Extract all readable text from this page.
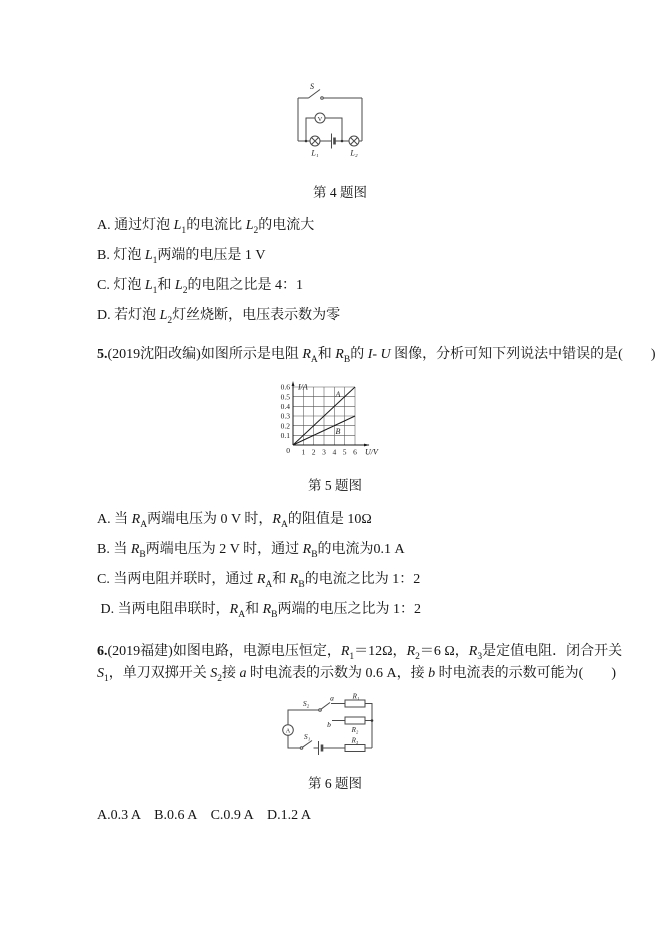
S
V
L₁	L₂
第 4 题图
A. 通过灯泡 $L_1$的电流比 $L_2$的电流大
B. 灯泡 $L_1$两端的电压是 1 V
C. 灯泡 $L_1$和 $L_2$的电阻之比是 4：1
D. 若灯泡 $L_2$灯丝烧断，电压表示数为零
5.(2019沈阳改编)如图所示是电阻 $R_A$和 $R_B$的 I- U 图像，分析可知下列说法中错误的是(　　)
1 2 3 4 5 6
0.1
0.2
0.3
0.4
0.5
0.6
0
I/A
U/V
A
B
第 5 题图
A. 当 $R_A$两端电压为 0 V 时，$R_A$的阻值是 10Ω
B. 当 $R_B$两端电压为 2 V 时，通过 $R_B$的电流为0.1 A
C. 当两电阻并联时，通过 $R_A$和 $R_B$的电流之比为 1：2
D. 当两电阻串联时，$R_A$和 $R_B$两端的电压之比为 1：2
6.(2019福建)如图电路，电源电压恒定，$R_1=12\Omega$，$R_2=6$ Ω，$R_3$是定值电阻．闭合开关
$S_1$，单刀双掷开关 $S_2$接 a 时电流表的示数为 0.6 A，接 b 时电流表的示数可能为(　　)
A
S₂
a	R₁
b
R₂
S₁	R₃
第 6 题图
A.0.3 A　B.0.6 A　C.0.9 A　D.1.2 A
